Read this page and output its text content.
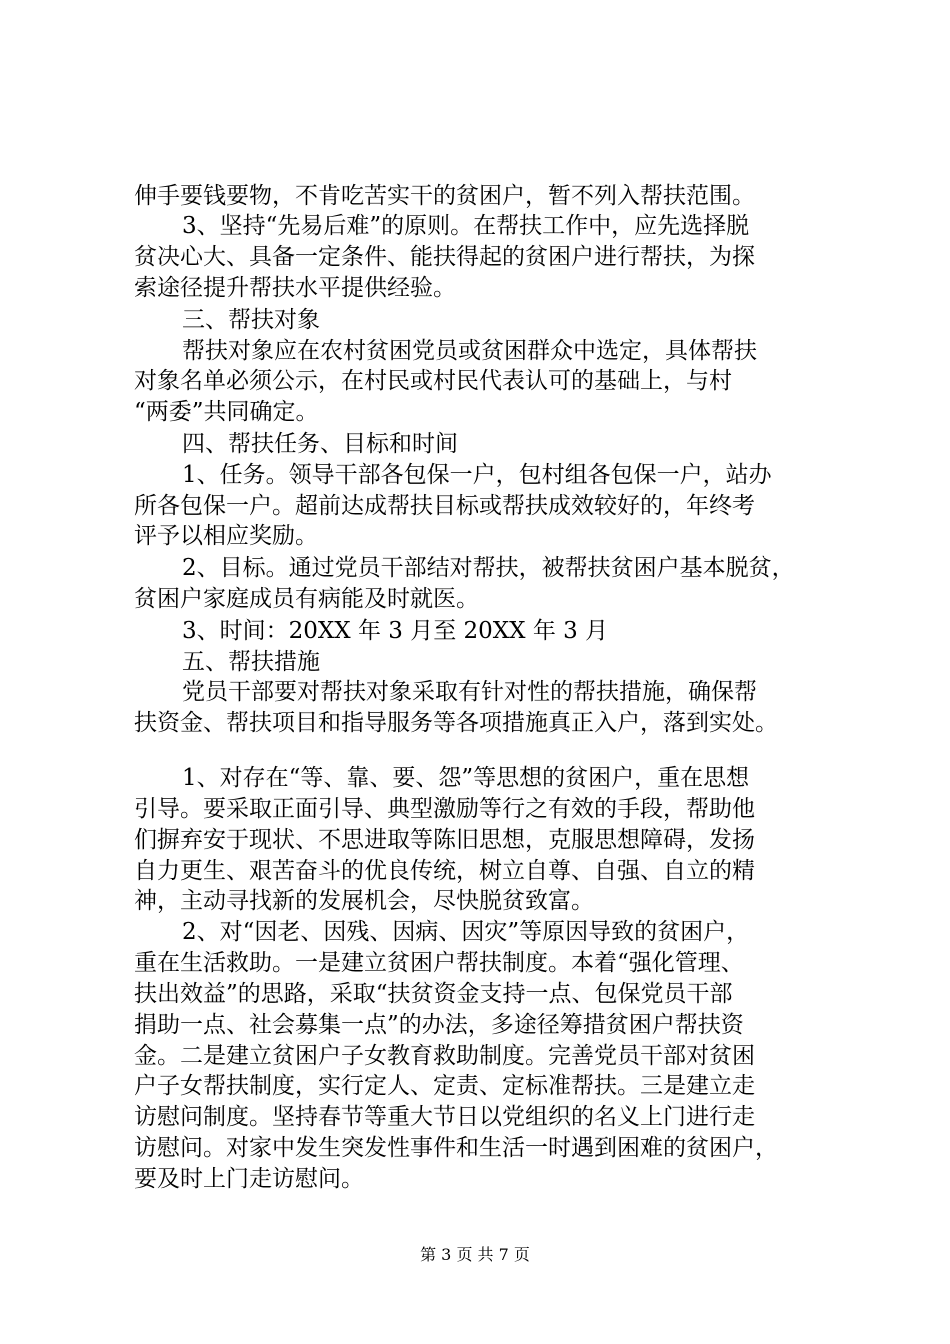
伸手要钱要物，不肯吃苦实干的贫困户，暂不列入帮扶范围。
3、坚持“先易后难”的原则。在帮扶工作中，应先选择脱
贫决心大、具备一定条件、能扶得起的贫困户进行帮扶，为探
索途径提升帮扶水平提供经验。
三、帮扶对象
帮扶对象应在农村贫困党员或贫困群众中选定，具体帮扶
对象名单必须公示，在村民或村民代表认可的基础上，与村
“两委”共同确定。
四、帮扶任务、目标和时间
1、任务。领导干部各包保一户，包村组各包保一户，站办
所各包保一户。超前达成帮扶目标或帮扶成效较好的，年终考
评予以相应奖励。
2、目标。通过党员干部结对帮扶，被帮扶贫困户基本脱贫，
贫困户家庭成员有病能及时就医。
3、时间：20XX 年 3 月至 20XX 年 3 月
五、帮扶措施
党员干部要对帮扶对象采取有针对性的帮扶措施，确保帮
扶资金、帮扶项目和指导服务等各项措施真正入户，落到实处。
1、对存在“等、靠、要、怨”等思想的贫困户，重在思想
引导。要采取正面引导、典型激励等行之有效的手段，帮助他
们摒弃安于现状、不思进取等陈旧思想，克服思想障碍，发扬
自力更生、艰苦奋斗的优良传统，树立自尊、自强、自立的精
神，主动寻找新的发展机会，尽快脱贫致富。
2、对“因老、因残、因病、因灾”等原因导致的贫困户，
重在生活救助。一是建立贫困户帮扶制度。本着“强化管理、
扶出效益”的思路，采取“扶贫资金支持一点、包保党员干部
捐助一点、社会募集一点”的办法，多途径筹措贫困户帮扶资
金。二是建立贫困户子女教育救助制度。完善党员干部对贫困
户子女帮扶制度，实行定人、定责、定标准帮扶。三是建立走
访慰问制度。坚持春节等重大节日以党组织的名义上门进行走
访慰问。对家中发生突发性事件和生活一时遇到困难的贫困户，
要及时上门走访慰问。
第 3 页 共 7 页
